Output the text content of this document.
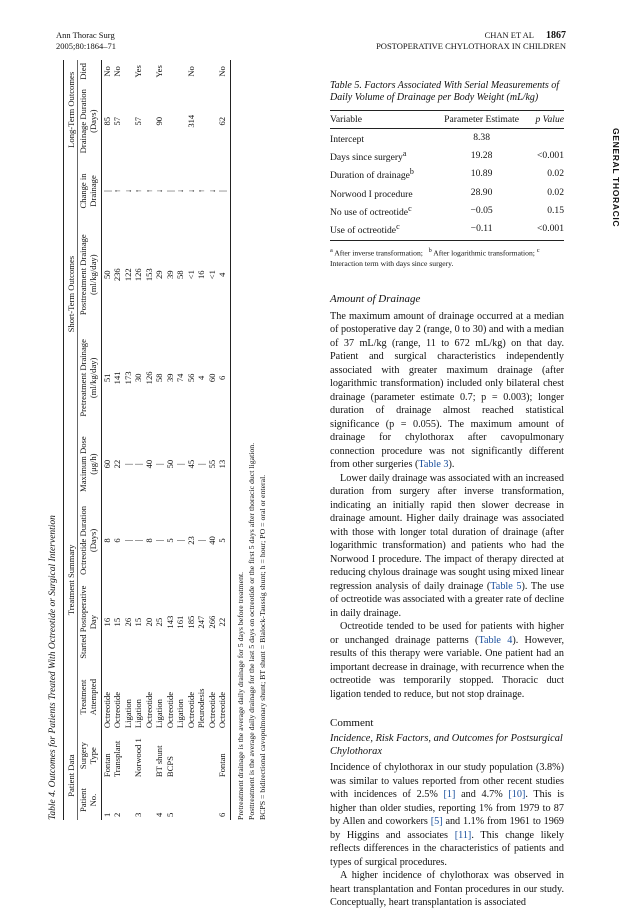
Ann Thorac Surg
2005;80:1864–71
CHAN ET AL 1867
POSTOPERATIVE CHYLOTHORAX IN CHILDREN
GENERAL THORACIC
Table 4. Outcomes for Patients Treated With Octreotide or Surgical Intervention Patient Data		Treatment Summary				Short-Term Outcomes			Long-Term Outcomes	
Patient No.	Surgery Type	Treatment Attempted	Started Postoperative Day	Octreotide Duration (Days)	Maximum Dose (μg/h)	Pretreatment Drainage (ml/kg/day)	Posttreatment Drainage (ml/kg/day)	Change in Drainage	Drainage Duration (Days)	Died
1	Fontan	Octreotide	16	8	60	51	50	|	85	No
2	Transplant	Octreotide	15	6	22	141	236	↑	57	No
		Ligation	26	|	|	173	122	↓		
3	Norwood 1	Ligation	15	|	|	30	126	↑	57	Yes
		Octreotide	20	8	40	126	153	↑		
4	BT shunt	Ligation	25	|	|	58	29	↓	90	Yes
5	BCPS	Octreotide	143	5	50	39	39	|		
		Ligation	161	|	|	74	58	↓		
		Octreotide	185	23	45	56	<1	↓	314	No
		Pleurodesis	247	|	|	4	16	↑		
		Octreotide	266	40	55	60	<1	↓		
6	Fontan	Octreotide	22	5	13	6	4	|	62	No
Pretreatment drainage is the average daily drainage for 5 days before treatment. Posttreatment is the average daily drainage for the last 5 days on octreotide or the first 5 days after thoracic duct ligation. BCPS = bidirectional cavopulmonary shunt; BT shunt = Blalock-Taussig shunt; h = hour; PO = oral or enteral.
Table 5. Factors Associated With Serial Measurements of Daily Volume of Drainage per Body Weight (mL/kg)
Variable	Parameter Estimate	p Value
Intercept	8.38	
Days since surgery$^a$	19.28	<0.001
Duration of drainage$^b$	10.89	0.02
Norwood I procedure	28.90	0.02
No use of octreotide$^c$	−0.05	0.15
Use of octreotide$^c$	−0.11	<0.001
$^a$ After inverse transformation; $^b$ After logarithmic transformation; $^c$ Interaction term with days since surgery.
Amount of Drainage

The maximum amount of drainage occurred at a median of postoperative day 2 (range, 0 to 30) and with a median of 37 mL/kg (range, 11 to 672 mL/kg) on that day. Patient and surgical characteristics independently associated with greater maximum drainage (after logarithmic transformation) included only bilateral chest drainage (parameter estimate 0.7; p = 0.003); longer duration of drainage almost reached statistical significance (p = 0.055). The maximum amount of drainage for chylothorax after cavopulmonary connection procedure was not significantly different from other surgeries (Table 3).

Lower daily drainage was associated with an increased duration from surgery after inverse transformation, indicating an initially rapid then slower decrease in drainage amount. Higher daily drainage was associated with those with longer total duration of drainage (after logarithmic transformation) and patients who had the Norwood I procedure. The impact of therapy directed at reducing chylous drainage was sought using mixed linear regression analysis of daily drainage (Table 5). The use of octreotide was associated with a greater rate of decline in daily drainage.

Octreotide tended to be used for patients with higher or unchanged drainage patterns (Table 4). However, results of this therapy were variable. One patient had an important decrease in drainage, with recurrence when the octreotide was temporarily stopped. Thoracic duct ligation tended to reduce, but not stop drainage.

Comment
Incidence, Risk Factors, and Outcomes for Postsurgical Chylothorax

Incidence of chylothorax in our study population (3.8%) was similar to values reported from other recent studies with incidences of 2.5% [1] and 4.7% [10]. This is higher than older studies, reporting 1% from 1979 to 87 by Allen and coworkers [5] and 1.1% from 1961 to 1969 by Higgins and associates [11]. This change likely reflects differences in the characteristics of patients and types of surgical procedures.

A higher incidence of chylothorax was observed in heart transplantation and Fontan procedures in our study. Conceptually, heart transplantation is associated
